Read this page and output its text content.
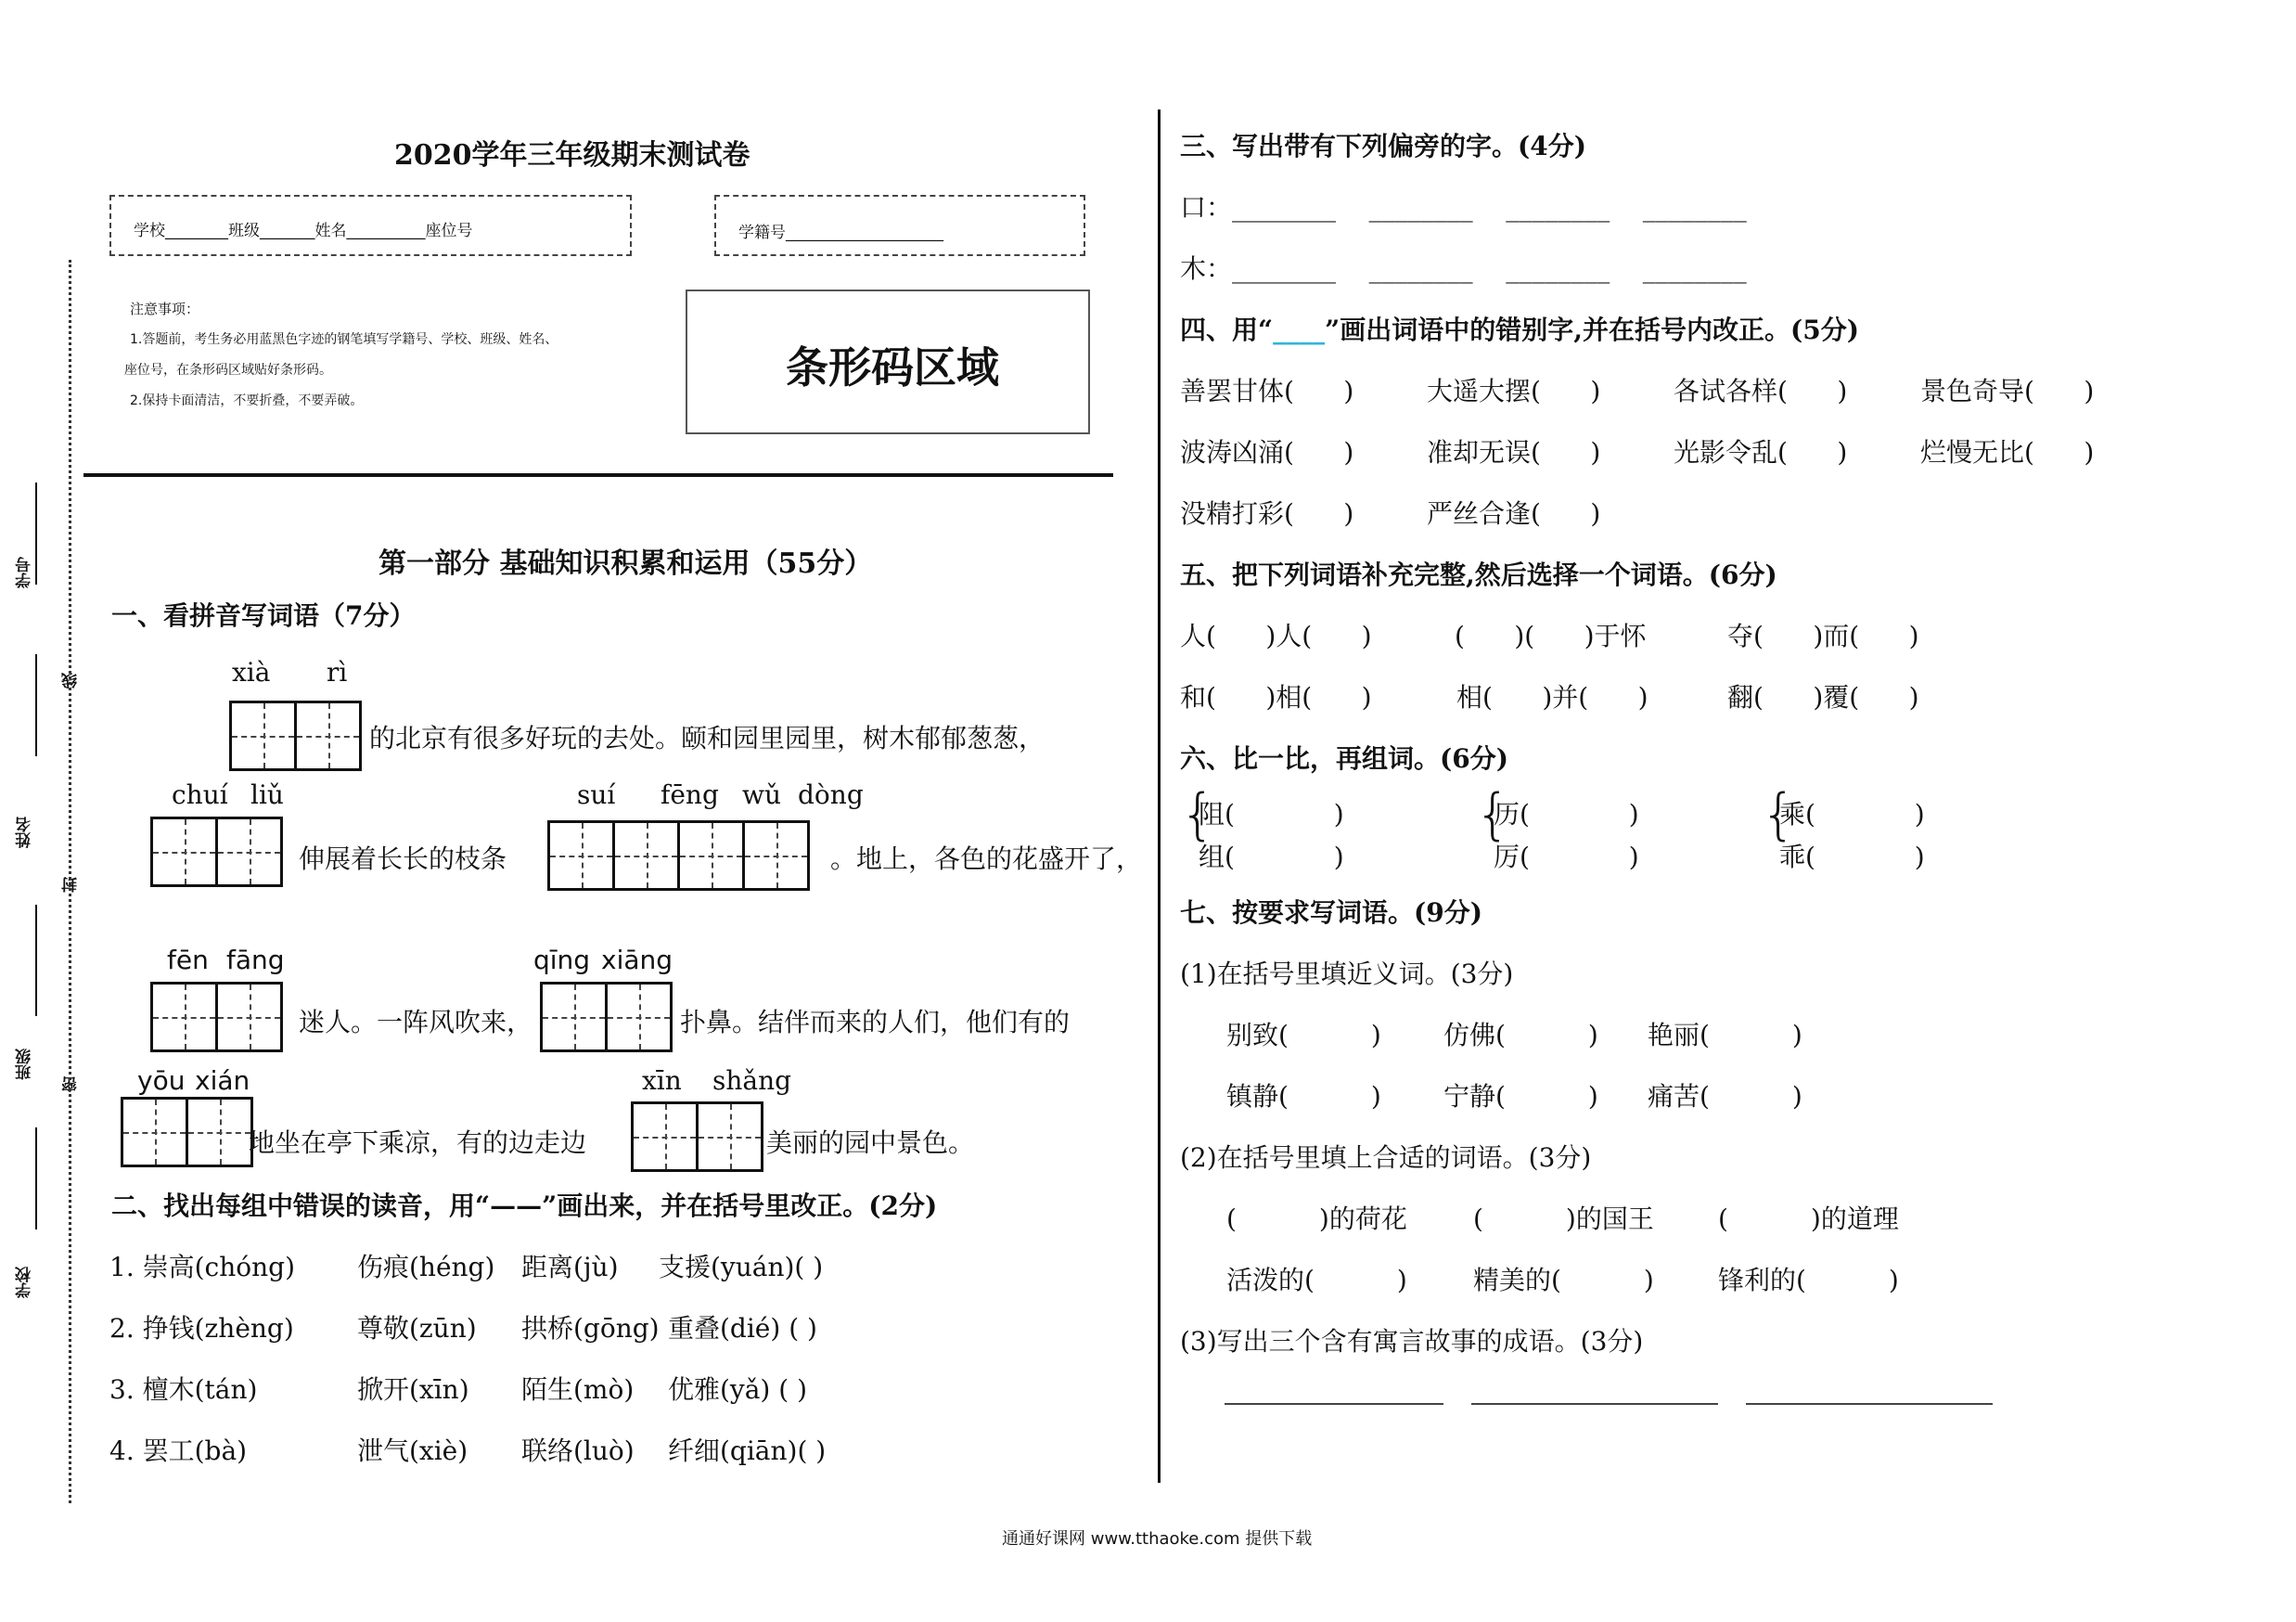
学号
线
姓名
封
班级
密
学校
2020学年三年级期末测试卷
学校________班级_______姓名__________座位号	学籍号____________________
注意事项：
1.答题前，考生务必用蓝黑色字迹的钢笔填写学籍号、学校、班级、姓名、
座位号，在条形码区域贴好条形码。
2.保持卡面清洁，不要折叠，不要弄破。
条形码区域
第一部分 基础知识积累和运用（55分）
一、看拼音写词语（7分）
xià rì
的北京有很多好玩的去处。颐和园里园里，树木郁郁葱葱，
chuí liǔ
伸展着长长的枝条
suí fēng wǔ dòng
。地上，各色的花盛开了，
fēn fāng
迷人。一阵风吹来，
qīng xiāng
扑鼻。结伴而来的人们，他们有的
yōu xián
地坐在亭下乘凉，有的边走边
xīn shǎng
美丽的园中景色。
二、找出每组中错误的读音，用“——”画出来，并在括号里改正。(2分)
1. 崇高(chóng) 伤痕(héng) 距离(jù) 支援(yuán)( )
2. 挣钱(zhèng) 尊敬(zūn) 拱桥(gōng) 重叠(dié) ( )
3. 檀木(tán)	掀开(xīn) 陌生(mò) 优雅(yǎ) ( )
4. 罢工(bà)	泄气(xiè) 联络(luò) 纤细(qiān)( )
三、写出带有下列偏旁的字。(4分)
口：________    ________    ________    ________
木：________    ________    ________    ________
四、用“____”画出词语中的错别字,并在括号内改正。(5分)
善罢甘体(      )	大遥大摆(      )	各试各样(      )	景色奇导(      )
波涛凶涌(      )	准却无误(      )	光影令乱(      )	烂慢无比(      )
没精打彩(      )	严丝合逢(      )
五、把下列词语补充完整,然后选择一个词语。(6分)
人(      )人(      )	(      )(      )于怀	夺(      )而(      )
和(      )相(      )	相(      )并(      )	翻(      )覆(      )
六、比一比，再组词。(6分)
{
阻(            )
组(            )
{
历(            )
厉(            )
{
乘(            )
乖(            )
七、按要求写词语。(9分)
(1)在括号里填近义词。(3分)
别致(          ) 仿佛(          ) 艳丽(          )
镇静(          ) 宁静(          ) 痛苦(          )
(2)在括号里填上合适的词语。(3分)
(          )的荷花	(          )的国王 (          )的道理
活泼的(          )	精美的(          ) 锋利的(          )
(3)写出三个含有寓言故事的成语。(3分)
通通好课网 www.tthaoke.com 提供下载
